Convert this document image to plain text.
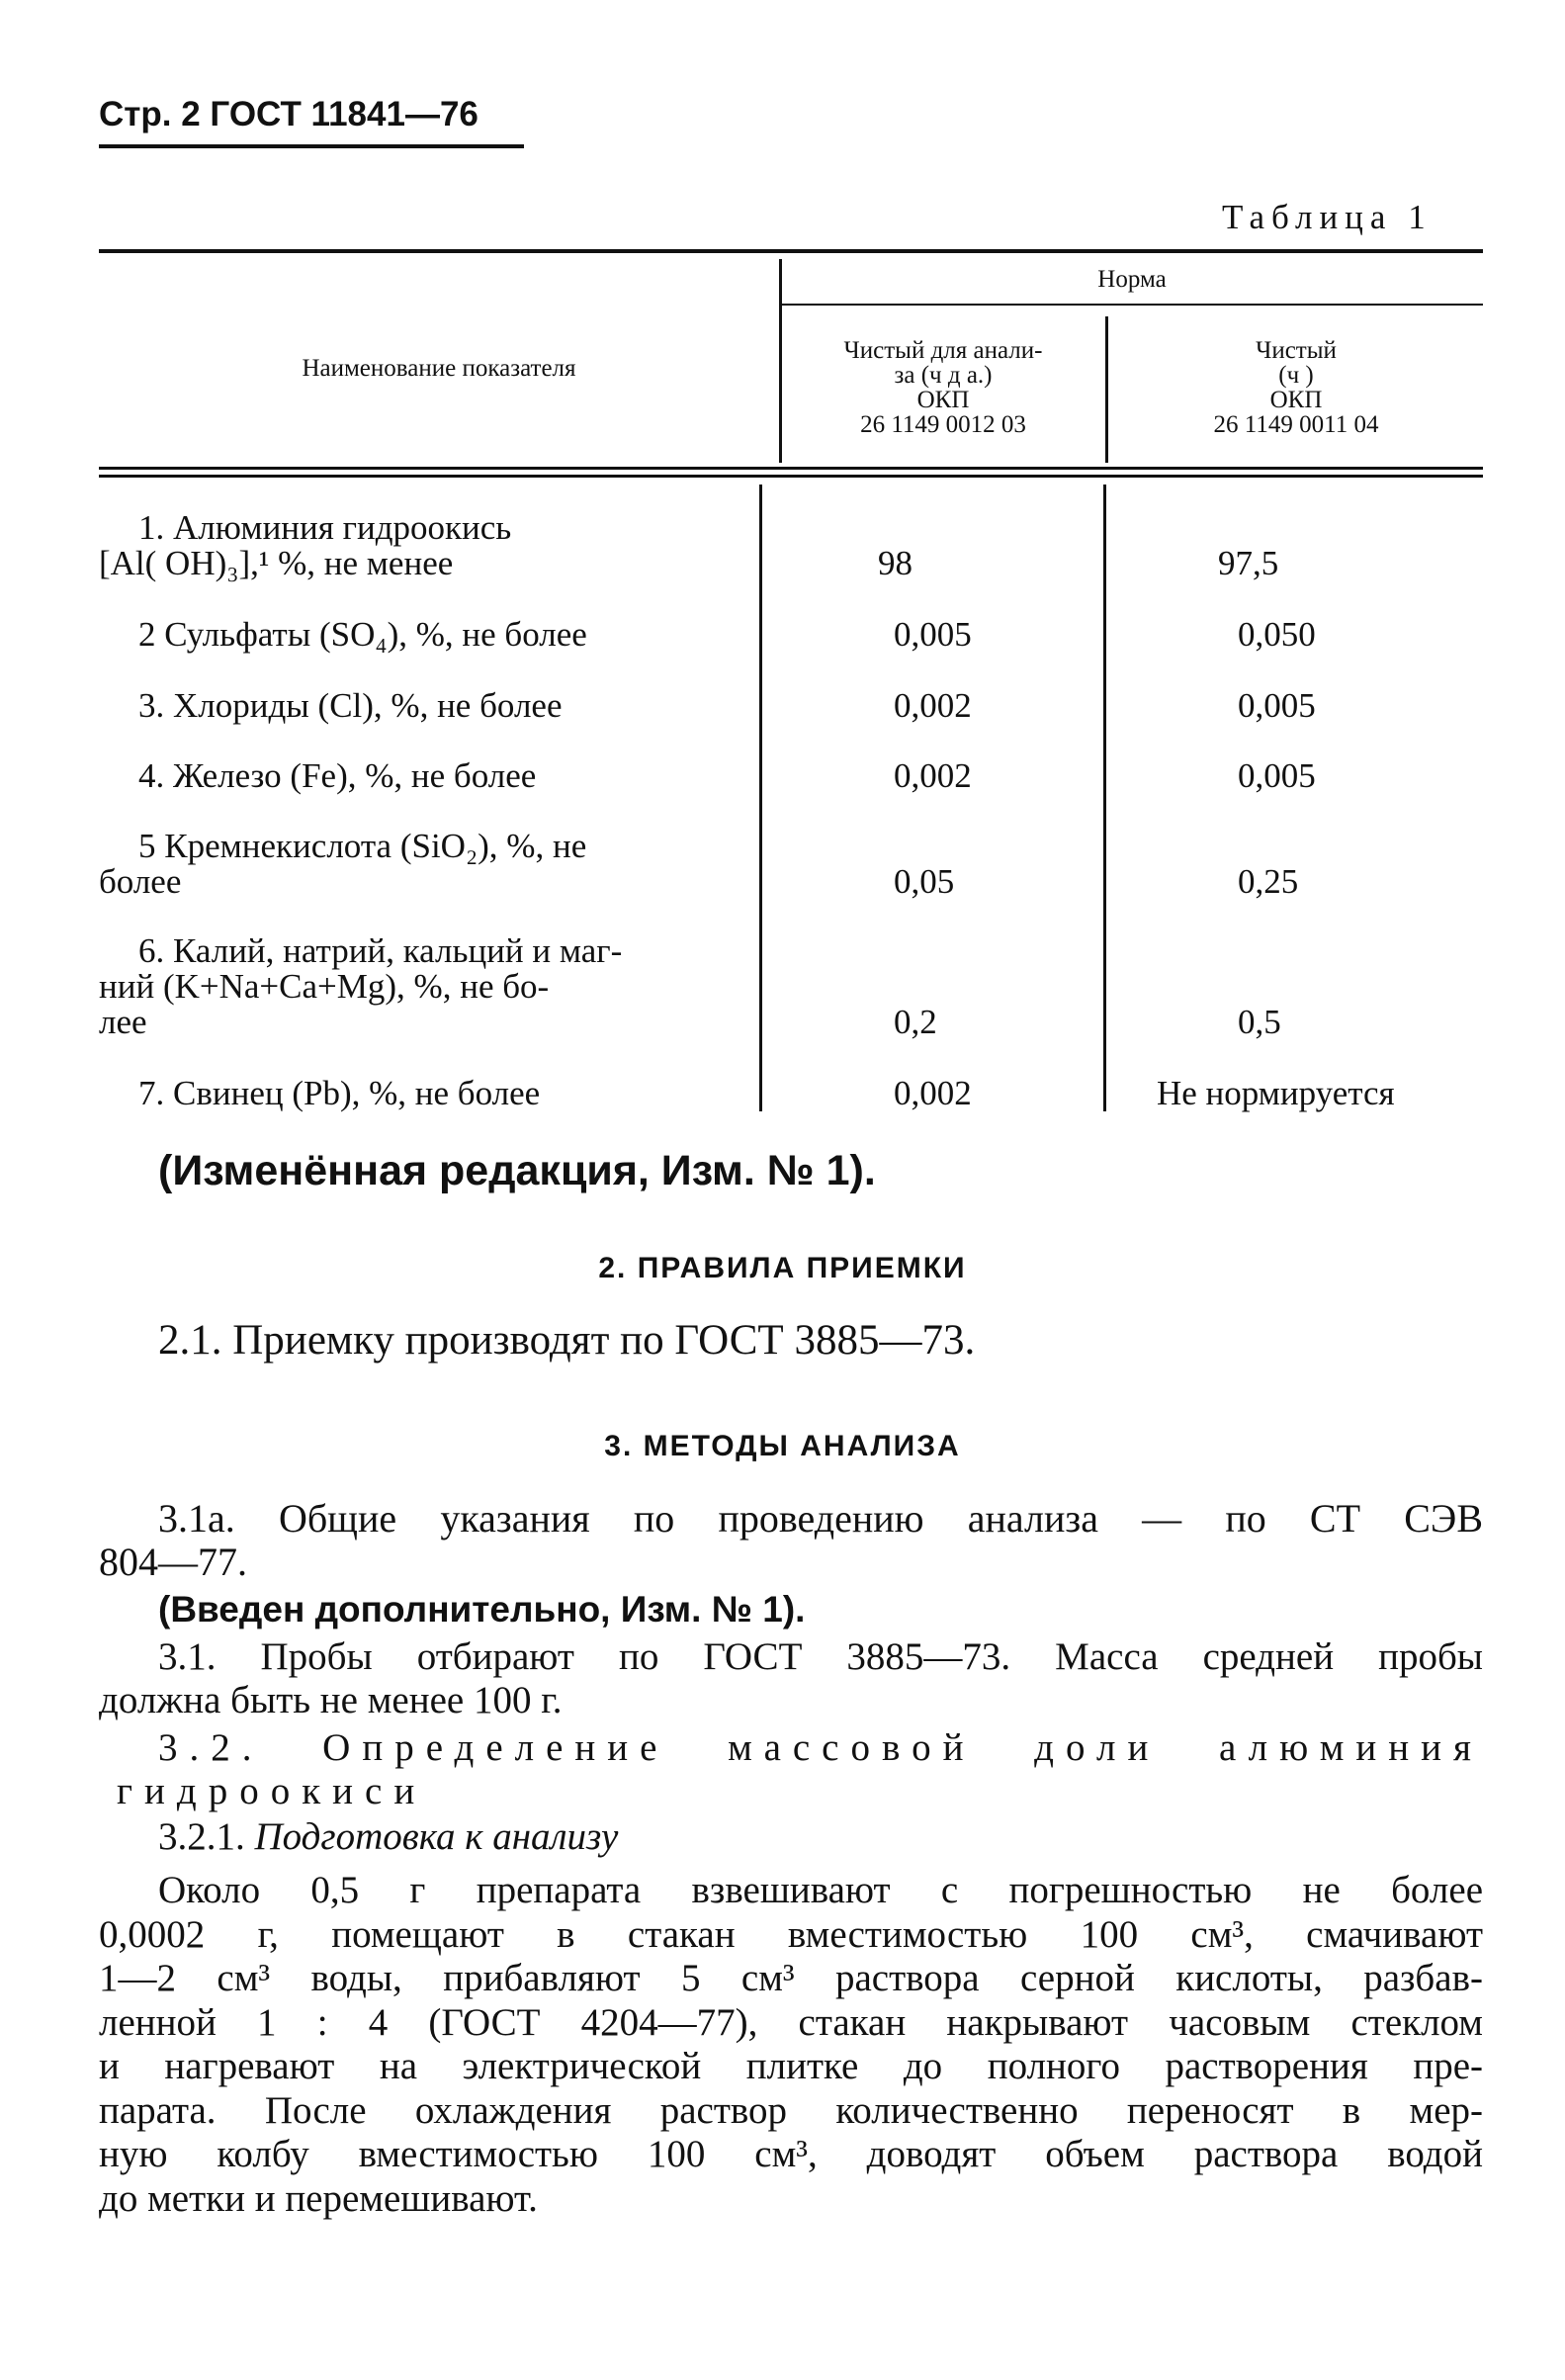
Стр. 2 ГОСТ 11841—76
Таблица 1
Наименование показателя
Норма
Чистый для анали-
за (ч д а.)
ОКП
26 1149 0012 03
Чистый
(ч )
ОКП
26 1149 0011 04
1. Алюминия гидроокись
[Al( OH)₃],¹ %, не менее	98	97,5
2 Сульфаты (SO₄), %, не более	0,005	0,050
3. Хлориды (Cl), %, не более	0,002	0,005
4. Железо (Fe), %, не более	0,002	0,005
5 Кремнекислота (SiO₂), %, не
более	0,05	0,25
6. Калий, натрий, кальций и маг-
ний (K+Na+Ca+Mg), %, не бо-
лее	0,2	0,5
7. Свинец (Pb), %, не более	0,002	Не нормируется
(Изменённая редакция, Изм. № 1).
2. ПРАВИЛА ПРИЕМКИ
2.1. Приемку производят по ГОСТ 3885—73.
3. МЕТОДЫ АНАЛИЗА
3.1а. Общие указания по проведению анализа — по СТ СЭВ
804—77.
(Введен дополнительно, Изм. № 1).
3.1. Пробы отбирают по ГОСТ 3885—73. Масса средней пробы
должна быть не менее 100 г.
3.2. Определение массовой доли алюминия
гидроокиси
3.2.1. Подготовка к анализу
Около 0,5 г препарата взвешивают с погрешностью не более
0,0002 г, помещают в стакан вместимостью 100 см³, смачивают
1—2 см³ воды, прибавляют 5 см³ раствора серной кислоты, разбав-
ленной 1 : 4 (ГОСТ 4204—77), стакан накрывают часовым стеклом
и нагревают на электрической плитке до полного растворения пре-
парата. После охлаждения раствор количественно переносят в мер-
ную колбу вместимостью 100 см³, доводят объем раствора водой
до метки и перемешивают.
